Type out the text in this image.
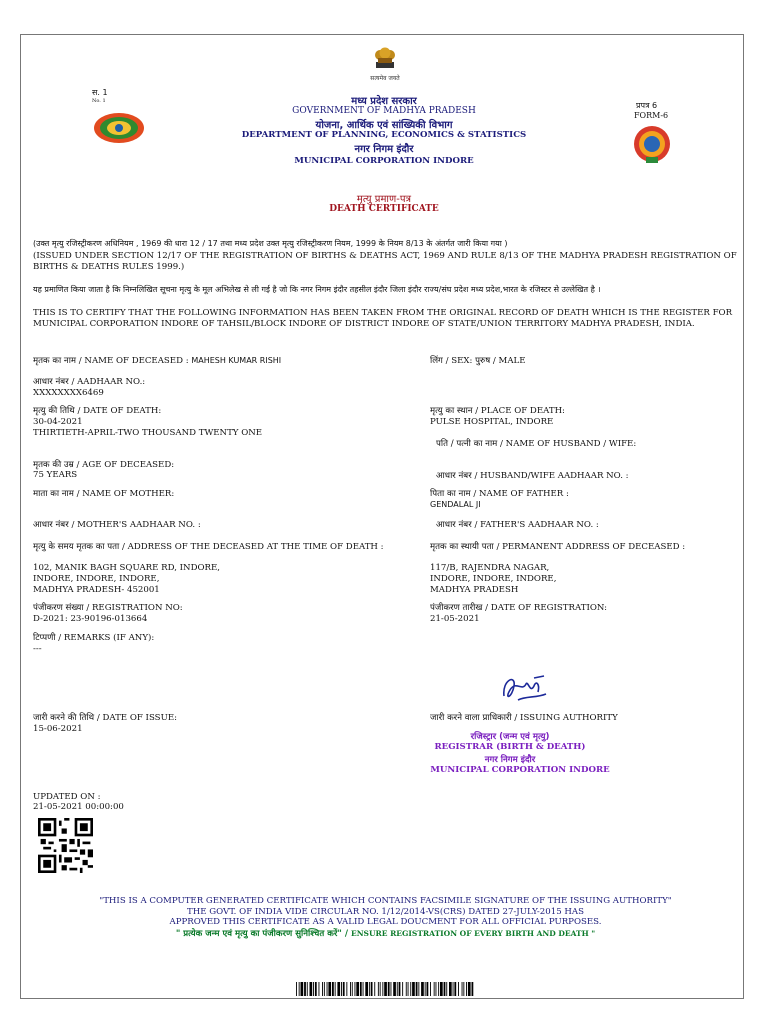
सत्यमेव जयते
स. 1
No. 1	प्रपत्र 6
FORM-6
मध्य प्रदेश सरकार
GOVERNMENT OF MADHYA PRADESH
योजना, आर्थिक एवं सांख्यिकी विभाग
DEPARTMENT OF PLANNING, ECONOMICS & STATISTICS
नगर निगम इंदौर
MUNICIPAL CORPORATION INDORE
मृत्यु प्रमाण-पत्र
DEATH CERTIFICATE
(उक्त मृत्यु रजिस्ट्रीकरण अधिनियम , 1969 की धारा 12 / 17 तथा मध्य प्रदेश उक्त मृत्यु रजिस्ट्रीकरण नियम, 1999 के नियम 8/13 के अंतर्गत जारी किया गया )
(ISSUED UNDER SECTION 12/17 OF THE REGISTRATION OF BIRTHS & DEATHS ACT, 1969 AND RULE 8/13 OF THE MADHYA PRADESH REGISTRATION OF BIRTHS & DEATHS RULES 1999.)
यह प्रमाणित किया जाता है कि निम्नलिखित सूचना मृत्यु के मूल अभिलेख से ली गई है जो कि नगर निगम इंदौर तहसील इंदौर जिला इंदौर राज्य/संघ प्रदेश मध्य प्रदेश,भारत के रजिस्टर से उल्लेखित है ।
THIS IS TO CERTIFY THAT THE FOLLOWING INFORMATION HAS BEEN TAKEN FROM THE ORIGINAL RECORD OF DEATH WHICH IS THE REGISTER FOR MUNICIPAL CORPORATION INDORE OF TAHSIL/BLOCK INDORE OF DISTRICT INDORE OF STATE/UNION TERRITORY MADHYA PRADESH, INDIA.
मृतक का नाम / NAME OF DECEASED : MAHESH KUMAR RISHI
आधार नंबर / AADHAAR NO.:
XXXXXXXX6469
मृत्यु की तिथि / DATE OF DEATH:
30-04-2021
THIRTIETH-APRIL-TWO THOUSAND TWENTY ONE
मृतक की उम्र / AGE OF DECEASED:
75 YEARS
माता का नाम / NAME OF MOTHER:
आधार नंबर / MOTHER'S AADHAAR NO. :
मृत्यु के समय मृतक का पता / ADDRESS OF THE DECEASED AT THE TIME OF DEATH :
102, MANIK BAGH SQUARE RD, INDORE,
INDORE, INDORE, INDORE,
MADHYA PRADESH- 452001
पंजीकरण संख्या / REGISTRATION NO:
D-2021: 23-90196-013664
टिप्पणी / REMARKS (IF ANY):
---
जारी करने की तिथि / DATE OF ISSUE:
15-06-2021
UPDATED ON :
21-05-2021 00:00:00
लिंग / SEX: पुरुष / MALE
मृत्यु का स्थान / PLACE OF DEATH:
PULSE HOSPITAL, INDORE
पति / पत्नी का नाम / NAME OF HUSBAND / WIFE:
आधार नंबर / HUSBAND/WIFE AADHAAR NO. :
पिता का नाम / NAME OF FATHER :
GENDALAL JI
आधार नंबर / FATHER'S AADHAAR NO. :
मृतक का स्थायी पता / PERMANENT ADDRESS OF DECEASED :
117/B, RAJENDRA NAGAR,
INDORE, INDORE, INDORE,
MADHYA PRADESH
पंजीकरण तारीख / DATE OF REGISTRATION:
21-05-2021
जारी करने वाला प्राधिकारी / ISSUING AUTHORITY
रजिस्ट्रार (जन्म एवं मृत्यु)
REGISTRAR (BIRTH & DEATH)
नगर निगम इंदौर
MUNICIPAL CORPORATION INDORE
"THIS IS A COMPUTER GENERATED CERTIFICATE WHICH CONTAINS FACSIMILE SIGNATURE OF THE ISSUING AUTHORITY"
THE GOVT. OF INDIA VIDE CIRCULAR NO. 1/12/2014-VS(CRS) DATED 27-JULY-2015 HAS
APPROVED THIS CERTIFICATE AS A VALID LEGAL DOUCMENT FOR ALL OFFICIAL PURPOSES.
" प्रत्येक जन्म एवं मृत्यु का पंजीकरण सुनिश्चित करें" / ENSURE REGISTRATION OF EVERY BIRTH AND DEATH "
